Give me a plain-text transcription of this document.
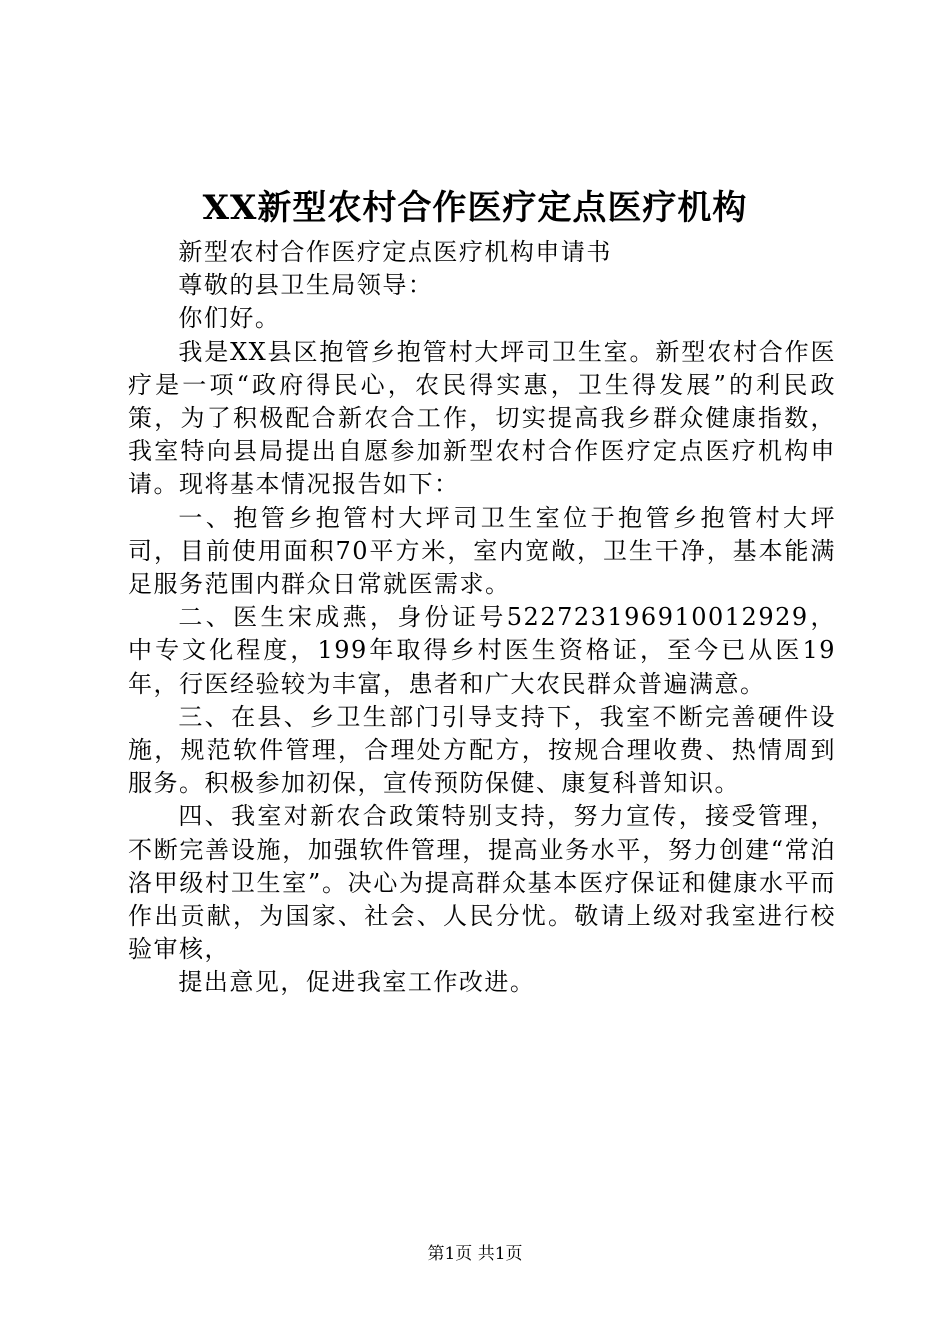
XX新型农村合作医疗定点医疗机构

新型农村合作医疗定点医疗机构申请书

尊敬的县卫生局领导：

你们好。

我是XX县区抱管乡抱管村大坪司卫生室。新型农村合作医疗是一项“政府得民心，农民得实惠，卫生得发展”的利民政策，为了积极配合新农合工作，切实提高我乡群众健康指数，我室特向县局提出自愿参加新型农村合作医疗定点医疗机构申请。现将基本情况报告如下：

一、抱管乡抱管村大坪司卫生室位于抱管乡抱管村大坪司，目前使用面积70平方米，室内宽敞，卫生干净，基本能满足服务范围内群众日常就医需求。

二、医生宋成燕，身份证号522723196910012929，中专文化程度，199年取得乡村医生资格证，至今已从医19年，行医经验较为丰富，患者和广大农民群众普遍满意。

三、在县、乡卫生部门引导支持下，我室不断完善硬件设施，规范软件管理，合理处方配方，按规合理收费、热情周到服务。积极参加初保，宣传预防保健、康复科普知识。

四、我室对新农合政策特别支持，努力宣传，接受管理，不断完善设施，加强软件管理，提高业务水平，努力创建“常泊洛甲级村卫生室”。决心为提高群众基本医疗保证和健康水平而作出贡献，为国家、社会、人民分忧。敬请上级对我室进行校验审核，

提出意见，促进我室工作改进。

第1页 共1页
